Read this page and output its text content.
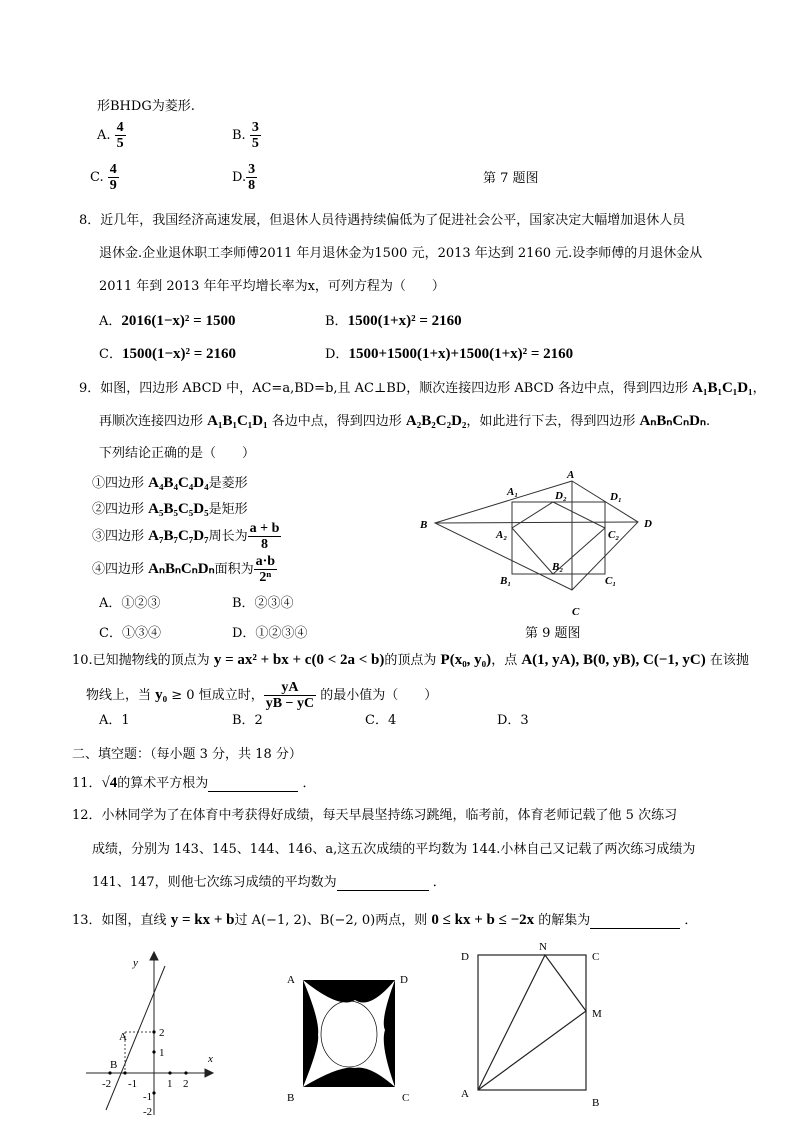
形BHDG为菱形.
A. $\frac{4}{5}$	B. $\frac{3}{5}$
C. $\frac{4}{9}$	D. $\frac{3}{8}$	第 7 题图
8．近几年，我国经济高速发展，但退休人员待遇持续偏低为了促进社会公平，国家决定大幅增加退休人员
退休金.企业退休职工李师傅2011 年月退休金为1500 元，2013 年达到 2160 元.设李师傅的月退休金从
2011 年到 2013 年年平均增长率为x，可列方程为（　　）
A．2016(1−x)² = 1500	B．1500(1+x)² = 2160
C．1500(1−x)² = 2160	D．1500+1500(1+x)+1500(1+x)² = 2160
9．如图，四边形 ABCD 中，AC=a,BD=b,且 AC⊥BD，顺次连接四边形 ABCD 各边中点，得到四边形 A₁B₁C₁D₁，
再顺次连接四边形 A₁B₁C₁D₁ 各边中点，得到四边形 A₂B₂C₂D₂，如此进行下去，得到四边形 AₙBₙCₙDₙ.
下列结论正确的是（　　）
①四边形 A₄B₄C₄D₄是菱形
②四边形 A₅B₅C₅D₅是矩形
③四边形 A₇B₇C₇D₇周长为 $\frac{a + b}{8}$
④四边形 AₙBₙCₙDₙ面积为 $\frac{a\cdot b}{\text{2ⁿ}}$
A．①②③	B．②③④
C．①③④	D．①②③④	第 9 题图
A
B
C
D
A₁
B₁	C₁
D₁
A₂
B₂
C₂
D₂
10.已知抛物线的顶点为 y = ax² + bx + c(0 < 2a < b)的顶点为 P(x₀, y₀)，点 A(1, yA), B(0, yB), C(−1, yC) 在该抛
物线上，当 y₀ ≥ 0 恒成立时， $\frac{yA}{yB - yC}$ 的最小值为（　　）
A．1	B．2	C．4	D．3
二、填空题：（每小题 3 分，共 18 分）
11．√4的算术平方根为	．
12．小林同学为了在体育中考获得好成绩，每天早晨坚持练习跳绳，临考前，体育老师记载了他 5 次练习
成绩，分别为 143、145、144、146、a,这五次成绩的平均数为 144.小林自己又记载了两次练习成绩为
141、147，则他七次练习成绩的平均数为	．
13．如图，直线 y = kx + b过 A(−1, 2)、B(−2, 0)两点，则 0 ≤ kx + b ≤ −2x 的解集为	．
y
x
A
B
-2 -1	1 2
2
1
-1
-2
A	D
B	C
D
N
C
M
A
B
